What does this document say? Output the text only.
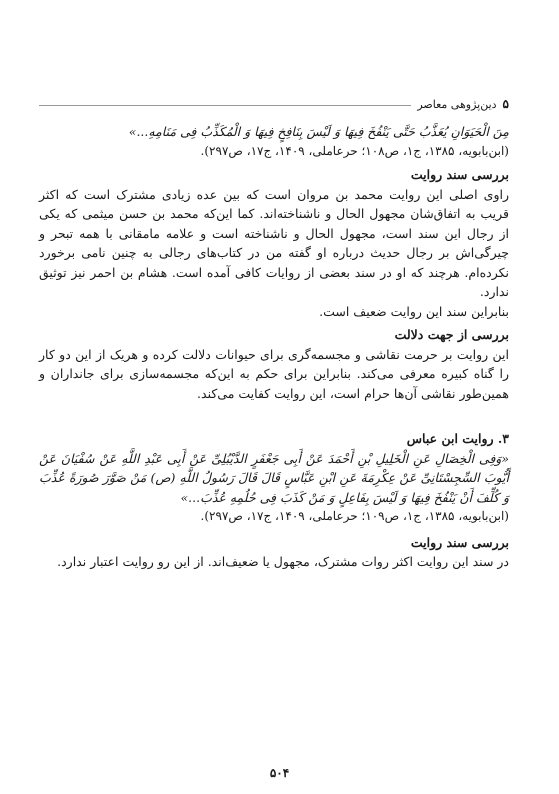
۵
دین‌پژوهی معاصر

مِنَ الْحَیَوَانِ یُعَذَّبُ حَتَّی یَنْفُخَ فِیهَا وَ لَیْسَ بِنَافِخٍ فِیهَا وَ الْمُکَذِّبُ فِی مَنَامِهِ...»

(ابن‌بابویه، ۱۳۸۵، ج۱، ص۱۰۸؛ حرعاملی، ۱۴۰۹، ج۱۷، ص۲۹۷).

بررسی سند روایت

راوی اصلی این روایت محمد بن مروان است که بین عده زیادی مشترک است که اکثر قریب به اتفاق‌شان مجهول الحال و ناشناخته‌اند. کما این‌که محمد بن حسن میثمی که یکی از رجال این سند است، مجهول الحال و ناشناخته است و علامه مامقانی با همه تبحر و چیرگی‌اش بر رجال حدیث درباره او گفته من در کتاب‌های رجالی به چنین نامی برخورد نکرده‌ام. هرچند که او در سند بعضی از روایات کافی آمده است. هشام بن احمر نیز توثیق ندارد.

بنابراین سند این روایت ضعیف است.

بررسی از جهت دلالت

این روایت بر حرمت نقاشی و مجسمه‌گری برای حیوانات دلالت کرده و هریک از این دو کار را گناه کبیره معرفی می‌کند. بنابراین برای حکم به این‌که مجسمه‌سازی برای جانداران و همین‌طور نقاشی آن‌ها حرام است، این روایت کفایت می‌کند.

۳. روایت ابن عباس

«وَفِی الْخِصَالِ عَنِ الْخَلِیلِ بْنِ أَحْمَدَ عَنْ أَبِی جَعْفَرٍ الدَّیْبُلِیِّ عَنْ أَبِی عَبْدِ اللَّهِ عَنْ سُفْیَانَ عَنْ أَیُّوبَ السِّجِسْتَانِیِّ عَنْ عِکْرِمَةَ عَنِ ابْنِ عَبَّاسٍ قَالَ قَالَ رَسُولُ اللَّهِ (ص) مَنْ صَوَّرَ صُورَةً عُذِّبَ وَ کُلِّفَ أَنْ یَنْفُخَ فِیهَا وَ لَیْسَ بِفَاعِلٍ وَ مَنْ کَذَبَ فِی حُلُمِهِ عُذِّبَ...»

(ابن‌بابویه، ۱۳۸۵، ج۱، ص۱۰۹؛ حرعاملی، ۱۴۰۹، ج۱۷، ص۲۹۷).

بررسی سند روایت

در سند این روایت اکثر روات مشترک، مجهول یا ضعیف‌اند. از این رو روایت اعتبار ندارد.

۵۰۴
